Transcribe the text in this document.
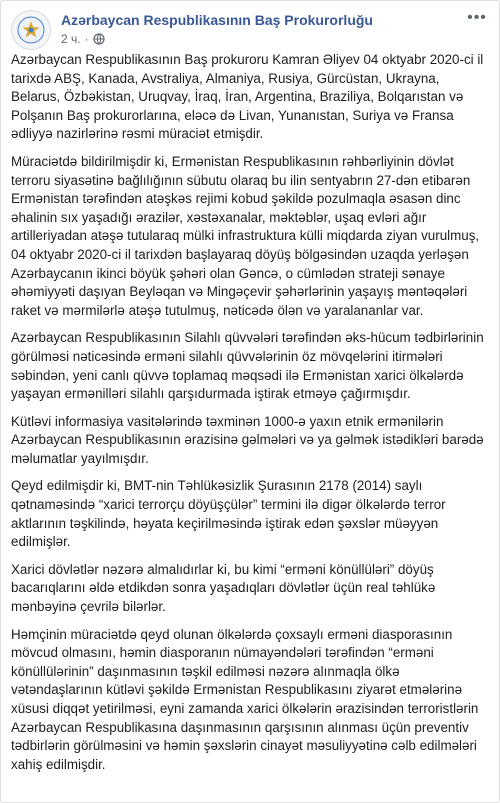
Azərbaycan Respublikasının Baş Prokurorluğu
2 ч. ·
•••

Azərbaycan Respublikasının Baş prokuroru Kamran Əliyev 04 oktyabr 2020-ci il tarixdə ABŞ, Kanada, Avstraliya, Almaniya, Rusiya, Gürcüstan, Ukrayna, Belarus, Özbəkistan, Uruqvay, İraq, İran, Argentina, Braziliya, Bolqarıstan və Polşanın Baş prokurorlarına, eləcə də Livan, Yunanıstan, Suriya və Fransa ədliyyə nazirlərinə rəsmi müraciət etmişdir.

Müraciətdə bildirilmişdir ki, Ermənistan Respublikasının rəhbərliyinin dövlət terroru siyasətinə bağlılığının sübutu olaraq bu ilin sentyabrın 27-dən etibarən Ermənistan tərəfindən atəşkəs rejimi kobud şəkildə pozulmaqla əsasən dinc əhalinin sıx yaşadığı ərazilər, xəstəxanalar, məktəblər, uşaq evləri ağır artilleriyadan atəşə tutularaq mülki infrastruktura külli miqdarda ziyan vurulmuş, 04 oktyabr 2020-ci il tarixdən başlayaraq döyüş bölgəsindən uzaqda yerləşən Azərbaycanın ikinci böyük şəhəri olan Gəncə, o cümlədən strateji sənaye əhəmiyyəti daşıyan Beyləqan və Mingəçevir şəhərlərinin yaşayış məntəqələri raket və mərmilərlə atəşə tutulmuş, nəticədə ölən və yaralananlar var.

Azərbaycan Respublikasının Silahlı qüvvələri tərəfindən əks-hücum tədbirlərinin görülməsi nəticəsində erməni silahlı qüvvələrinin öz mövqelərini itirmələri səbindən, yeni canlı qüvvə toplamaq məqsədi ilə Ermənistan xarici ölkələrdə yaşayan ermənilləri silahlı qarşıdurmada iştirak etməyə çağırmışdır.

Kütləvi informasiya vasitələrində təxminən 1000-ə yaxın etnik ermənilərin Azərbaycan Respublikasının ərazisinə gəlmələri və ya gəlmək istədikləri barədə məlumatlar yayılmışdır.

Qeyd edilmişdir ki, BMT-nin Təhlükəsizlik Şurasının 2178 (2014) saylı qətnaməsində “xarici terrorçu döyüşçülər” termini ilə digər ölkələrdə terror aktlarının təşkilində, həyata keçirilməsində iştirak edən şəxslər müəyyən edilmişlər.

Xarici dövlətlər nəzərə almalıdırlar ki, bu kimi “erməni könüllüləri” döyüş bacarıqlarını əldə etdikdən sonra yaşadıqları dövlətlər üçün real təhlükə mənbəyinə çevrilə bilərlər.

Həmçinin müraciətdə qeyd olunan ölkələrdə çoxsaylı erməni diasporasının mövcud olmasını, həmin diasporanın nümayəndələri tərəfindən “erməni könüllülərinin” daşınmasının təşkil edilməsi nəzərə alınmaqla ölkə vətəndaşlarının kütləvi şəkildə Ermənistan Respublikasını ziyarət etmələrinə xüsusi diqqət yetirilməsi, eyni zamanda xarici ölkələrin ərazisindən terroristlərin Azərbaycan Respublikasına daşınmasının qarşısının alınması üçün preventiv tədbirlərin görülməsini və həmin şəxslərin cinayət məsuliyyətinə cəlb edilmələri xahiş edilmişdir.
